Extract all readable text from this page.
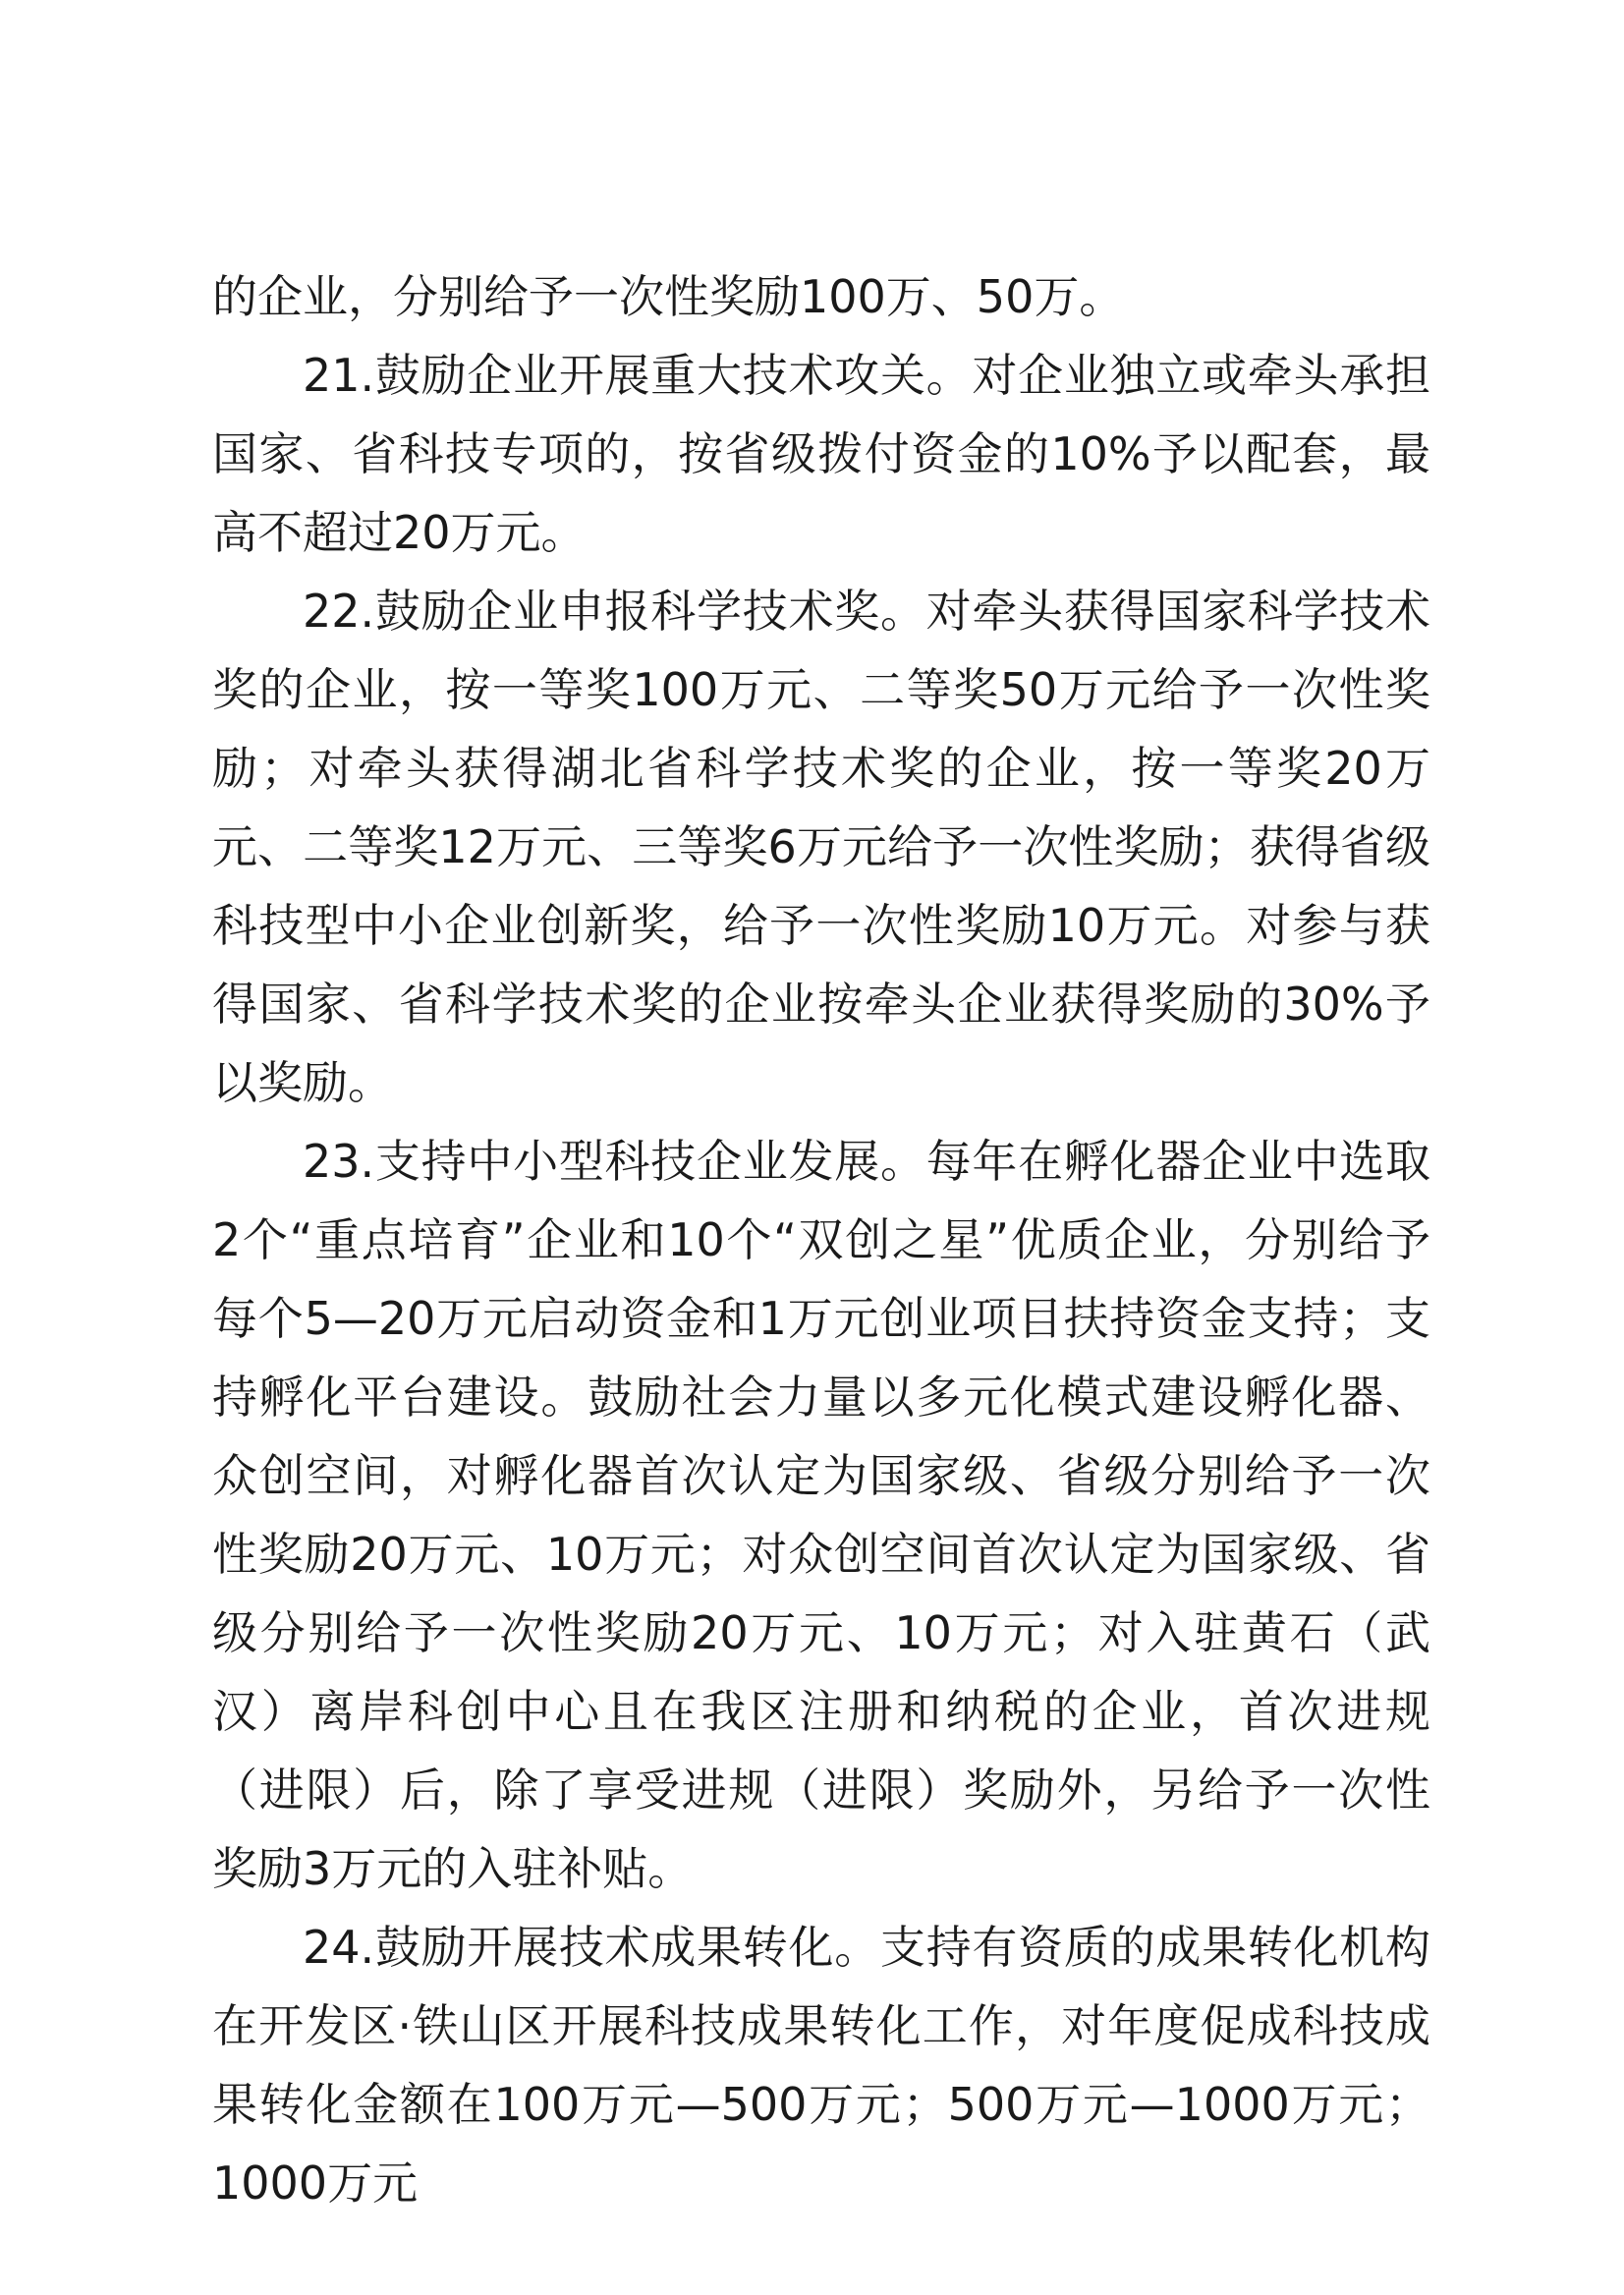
的企业，分别给予一次性奖励100万、50万。

21.鼓励企业开展重大技术攻关。对企业独立或牵头承担国家、省科技专项的，按省级拨付资金的10%予以配套，最高不超过20万元。

22.鼓励企业申报科学技术奖。对牵头获得国家科学技术奖的企业，按一等奖100万元、二等奖50万元给予一次性奖励；对牵头获得湖北省科学技术奖的企业，按一等奖20万元、二等奖12万元、三等奖6万元给予一次性奖励；获得省级科技型中小企业创新奖，给予一次性奖励10万元。对参与获得国家、省科学技术奖的企业按牵头企业获得奖励的30%予以奖励。

23.支持中小型科技企业发展。每年在孵化器企业中选取2个“重点培育”企业和10个“双创之星”优质企业，分别给予每个5—20万元启动资金和1万元创业项目扶持资金支持；支持孵化平台建设。鼓励社会力量以多元化模式建设孵化器、众创空间，对孵化器首次认定为国家级、省级分别给予一次性奖励20万元、10万元；对众创空间首次认定为国家级、省级分别给予一次性奖励20万元、10万元；对入驻黄石（武汉）离岸科创中心且在我区注册和纳税的企业，首次进规（进限）后，除了享受进规（进限）奖励外，另给予一次性奖励3万元的入驻补贴。

24.鼓励开展技术成果转化。支持有资质的成果转化机构在开发区·铁山区开展科技成果转化工作，对年度促成科技成果转化金额在100万元—500万元；500万元—1000万元；1000万元
